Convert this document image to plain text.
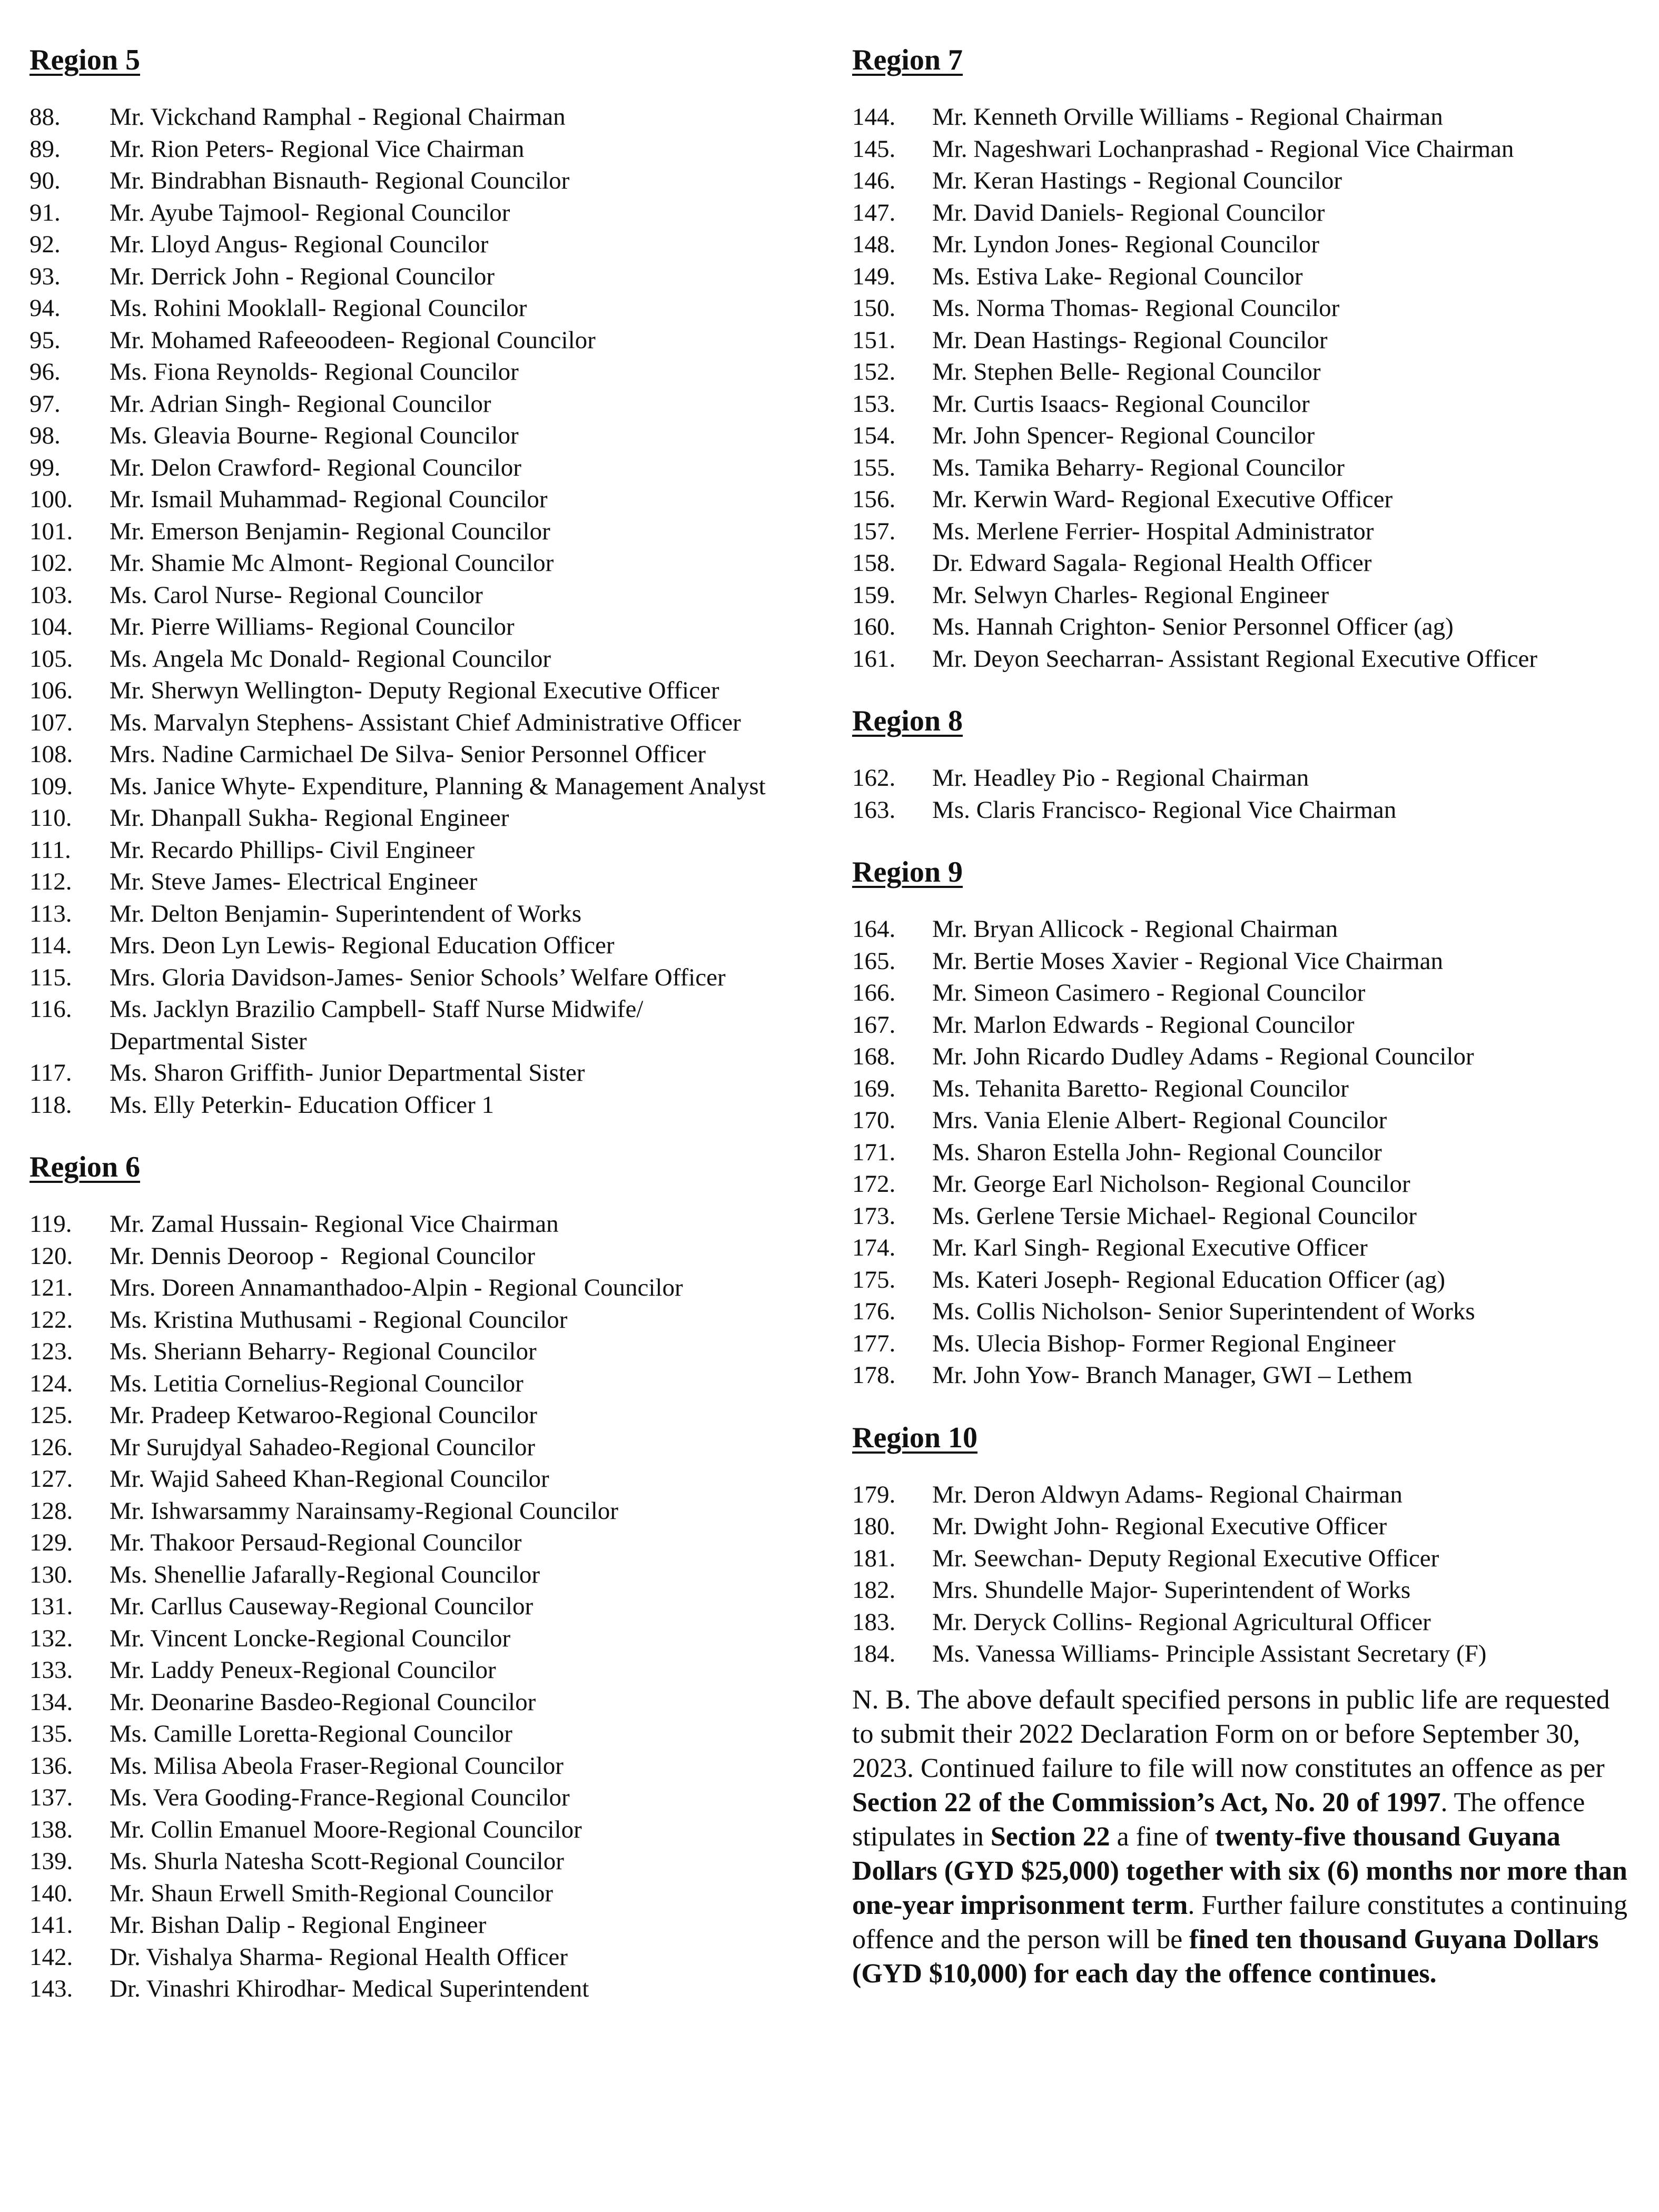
Region 5
88.	Mr. Vickchand Ramphal - Regional Chairman
89.	Mr. Rion Peters- Regional Vice Chairman
90.	Mr. Bindrabhan Bisnauth- Regional Councilor
91.	Mr. Ayube Tajmool- Regional Councilor
92.	Mr. Lloyd Angus- Regional Councilor
93.	Mr. Derrick John - Regional Councilor
94.	Ms. Rohini Mooklall- Regional Councilor
95.	Mr. Mohamed Rafeeoodeen- Regional Councilor
96.	Ms. Fiona Reynolds- Regional Councilor
97.	Mr. Adrian Singh- Regional Councilor
98.	Ms. Gleavia Bourne- Regional Councilor
99.	Mr. Delon Crawford- Regional Councilor
100.	Mr. Ismail Muhammad- Regional Councilor
101.	Mr. Emerson Benjamin- Regional Councilor
102.	Mr. Shamie Mc Almont- Regional Councilor
103.	Ms. Carol Nurse- Regional Councilor
104.	Mr. Pierre Williams- Regional Councilor
105.	Ms. Angela Mc Donald- Regional Councilor
106.	Mr. Sherwyn Wellington- Deputy Regional Executive Officer
107.	Ms. Marvalyn Stephens- Assistant Chief Administrative Officer
108.	Mrs. Nadine Carmichael De Silva- Senior Personnel Officer
109.	Ms. Janice Whyte- Expenditure, Planning & Management Analyst
110.	Mr. Dhanpall Sukha- Regional Engineer
111.	Mr. Recardo Phillips- Civil Engineer
112.	Mr. Steve James- Electrical Engineer
113.	Mr. Delton Benjamin- Superintendent of Works
114.	Mrs. Deon Lyn Lewis- Regional Education Officer
115.	Mrs. Gloria Davidson-James- Senior Schools’ Welfare Officer
116.	Ms. Jacklyn Brazilio Campbell- Staff Nurse Midwife/
Departmental Sister
117.	Ms. Sharon Griffith- Junior Departmental Sister
118.	Ms. Elly Peterkin- Education Officer 1
Region 6
119.	Mr. Zamal Hussain- Regional Vice Chairman
120.	Mr. Dennis Deoroop -  Regional Councilor
121.	Mrs. Doreen Annamanthadoo-Alpin - Regional Councilor
122.	Ms. Kristina Muthusami - Regional Councilor
123.	Ms. Sheriann Beharry- Regional Councilor
124.	Ms. Letitia Cornelius-Regional Councilor
125.	Mr. Pradeep Ketwaroo-Regional Councilor
126.	Mr Surujdyal Sahadeo-Regional Councilor
127.	Mr. Wajid Saheed Khan-Regional Councilor
128.	Mr. Ishwarsammy Narainsamy-Regional Councilor
129.	Mr. Thakoor Persaud-Regional Councilor
130.	Ms. Shenellie Jafarally-Regional Councilor
131.	Mr. Carllus Causeway-Regional Councilor
132.	Mr. Vincent Loncke-Regional Councilor
133.	Mr. Laddy Peneux-Regional Councilor
134.	Mr. Deonarine Basdeo-Regional Councilor
135.	Ms. Camille Loretta-Regional Councilor
136.	Ms. Milisa Abeola Fraser-Regional Councilor
137.	Ms. Vera Gooding-France-Regional Councilor
138.	Mr. Collin Emanuel Moore-Regional Councilor
139.	Ms. Shurla Natesha Scott-Regional Councilor
140.	Mr. Shaun Erwell Smith-Regional Councilor
141.	Mr. Bishan Dalip - Regional Engineer
142.	Dr. Vishalya Sharma- Regional Health Officer
143.	Dr. Vinashri Khirodhar- Medical Superintendent
Region 7
144.	Mr. Kenneth Orville Williams - Regional Chairman
145.	Mr. Nageshwari Lochanprashad - Regional Vice Chairman
146.	Mr. Keran Hastings - Regional Councilor
147.	Mr. David Daniels- Regional Councilor
148.	Mr. Lyndon Jones- Regional Councilor
149.	Ms. Estiva Lake- Regional Councilor
150.	Ms. Norma Thomas- Regional Councilor
151.	Mr. Dean Hastings- Regional Councilor
152.	Mr. Stephen Belle- Regional Councilor
153.	Mr. Curtis Isaacs- Regional Councilor
154.	Mr. John Spencer- Regional Councilor
155.	Ms. Tamika Beharry- Regional Councilor
156.	Mr. Kerwin Ward- Regional Executive Officer
157.	Ms. Merlene Ferrier- Hospital Administrator
158.	Dr. Edward Sagala- Regional Health Officer
159.	Mr. Selwyn Charles- Regional Engineer
160.	Ms. Hannah Crighton- Senior Personnel Officer (ag)
161.	Mr. Deyon Seecharran- Assistant Regional Executive Officer
Region 8
162.	Mr. Headley Pio - Regional Chairman
163.	Ms. Claris Francisco- Regional Vice Chairman
Region 9
164.	Mr. Bryan Allicock - Regional Chairman
165.	Mr. Bertie Moses Xavier - Regional Vice Chairman
166.	Mr. Simeon Casimero - Regional Councilor
167.	Mr. Marlon Edwards - Regional Councilor
168.	Mr. John Ricardo Dudley Adams - Regional Councilor
169.	Ms. Tehanita Baretto- Regional Councilor
170.	Mrs. Vania Elenie Albert- Regional Councilor
171.	Ms. Sharon Estella John- Regional Councilor
172.	Mr. George Earl Nicholson- Regional Councilor
173.	Ms. Gerlene Tersie Michael- Regional Councilor
174.	Mr. Karl Singh- Regional Executive Officer
175.	Ms. Kateri Joseph- Regional Education Officer (ag)
176.	Ms. Collis Nicholson- Senior Superintendent of Works
177.	Ms. Ulecia Bishop- Former Regional Engineer
178.	Mr. John Yow- Branch Manager, GWI – Lethem
Region 10
179.	Mr. Deron Aldwyn Adams- Regional Chairman
180.	Mr. Dwight John- Regional Executive Officer
181.	Mr. Seewchan- Deputy Regional Executive Officer
182.	Mrs. Shundelle Major- Superintendent of Works
183.	Mr. Deryck Collins- Regional Agricultural Officer
184.	Ms. Vanessa Williams- Principle Assistant Secretary (F)

N. B. The above default specified persons in public life are requested to submit their 2022 Declaration Form on or before September 30, 2023. Continued failure to file will now constitutes an offence as per Section 22 of the Commission’s Act, No. 20 of 1997. The offence stipulates in Section 22 a fine of twenty-five thousand Guyana Dollars (GYD $25,000) together with six (6) months nor more than one-year imprisonment term. Further failure constitutes a continuing offence and the person will be fined ten thousand Guyana Dollars (GYD $10,000) for each day the offence continues.
